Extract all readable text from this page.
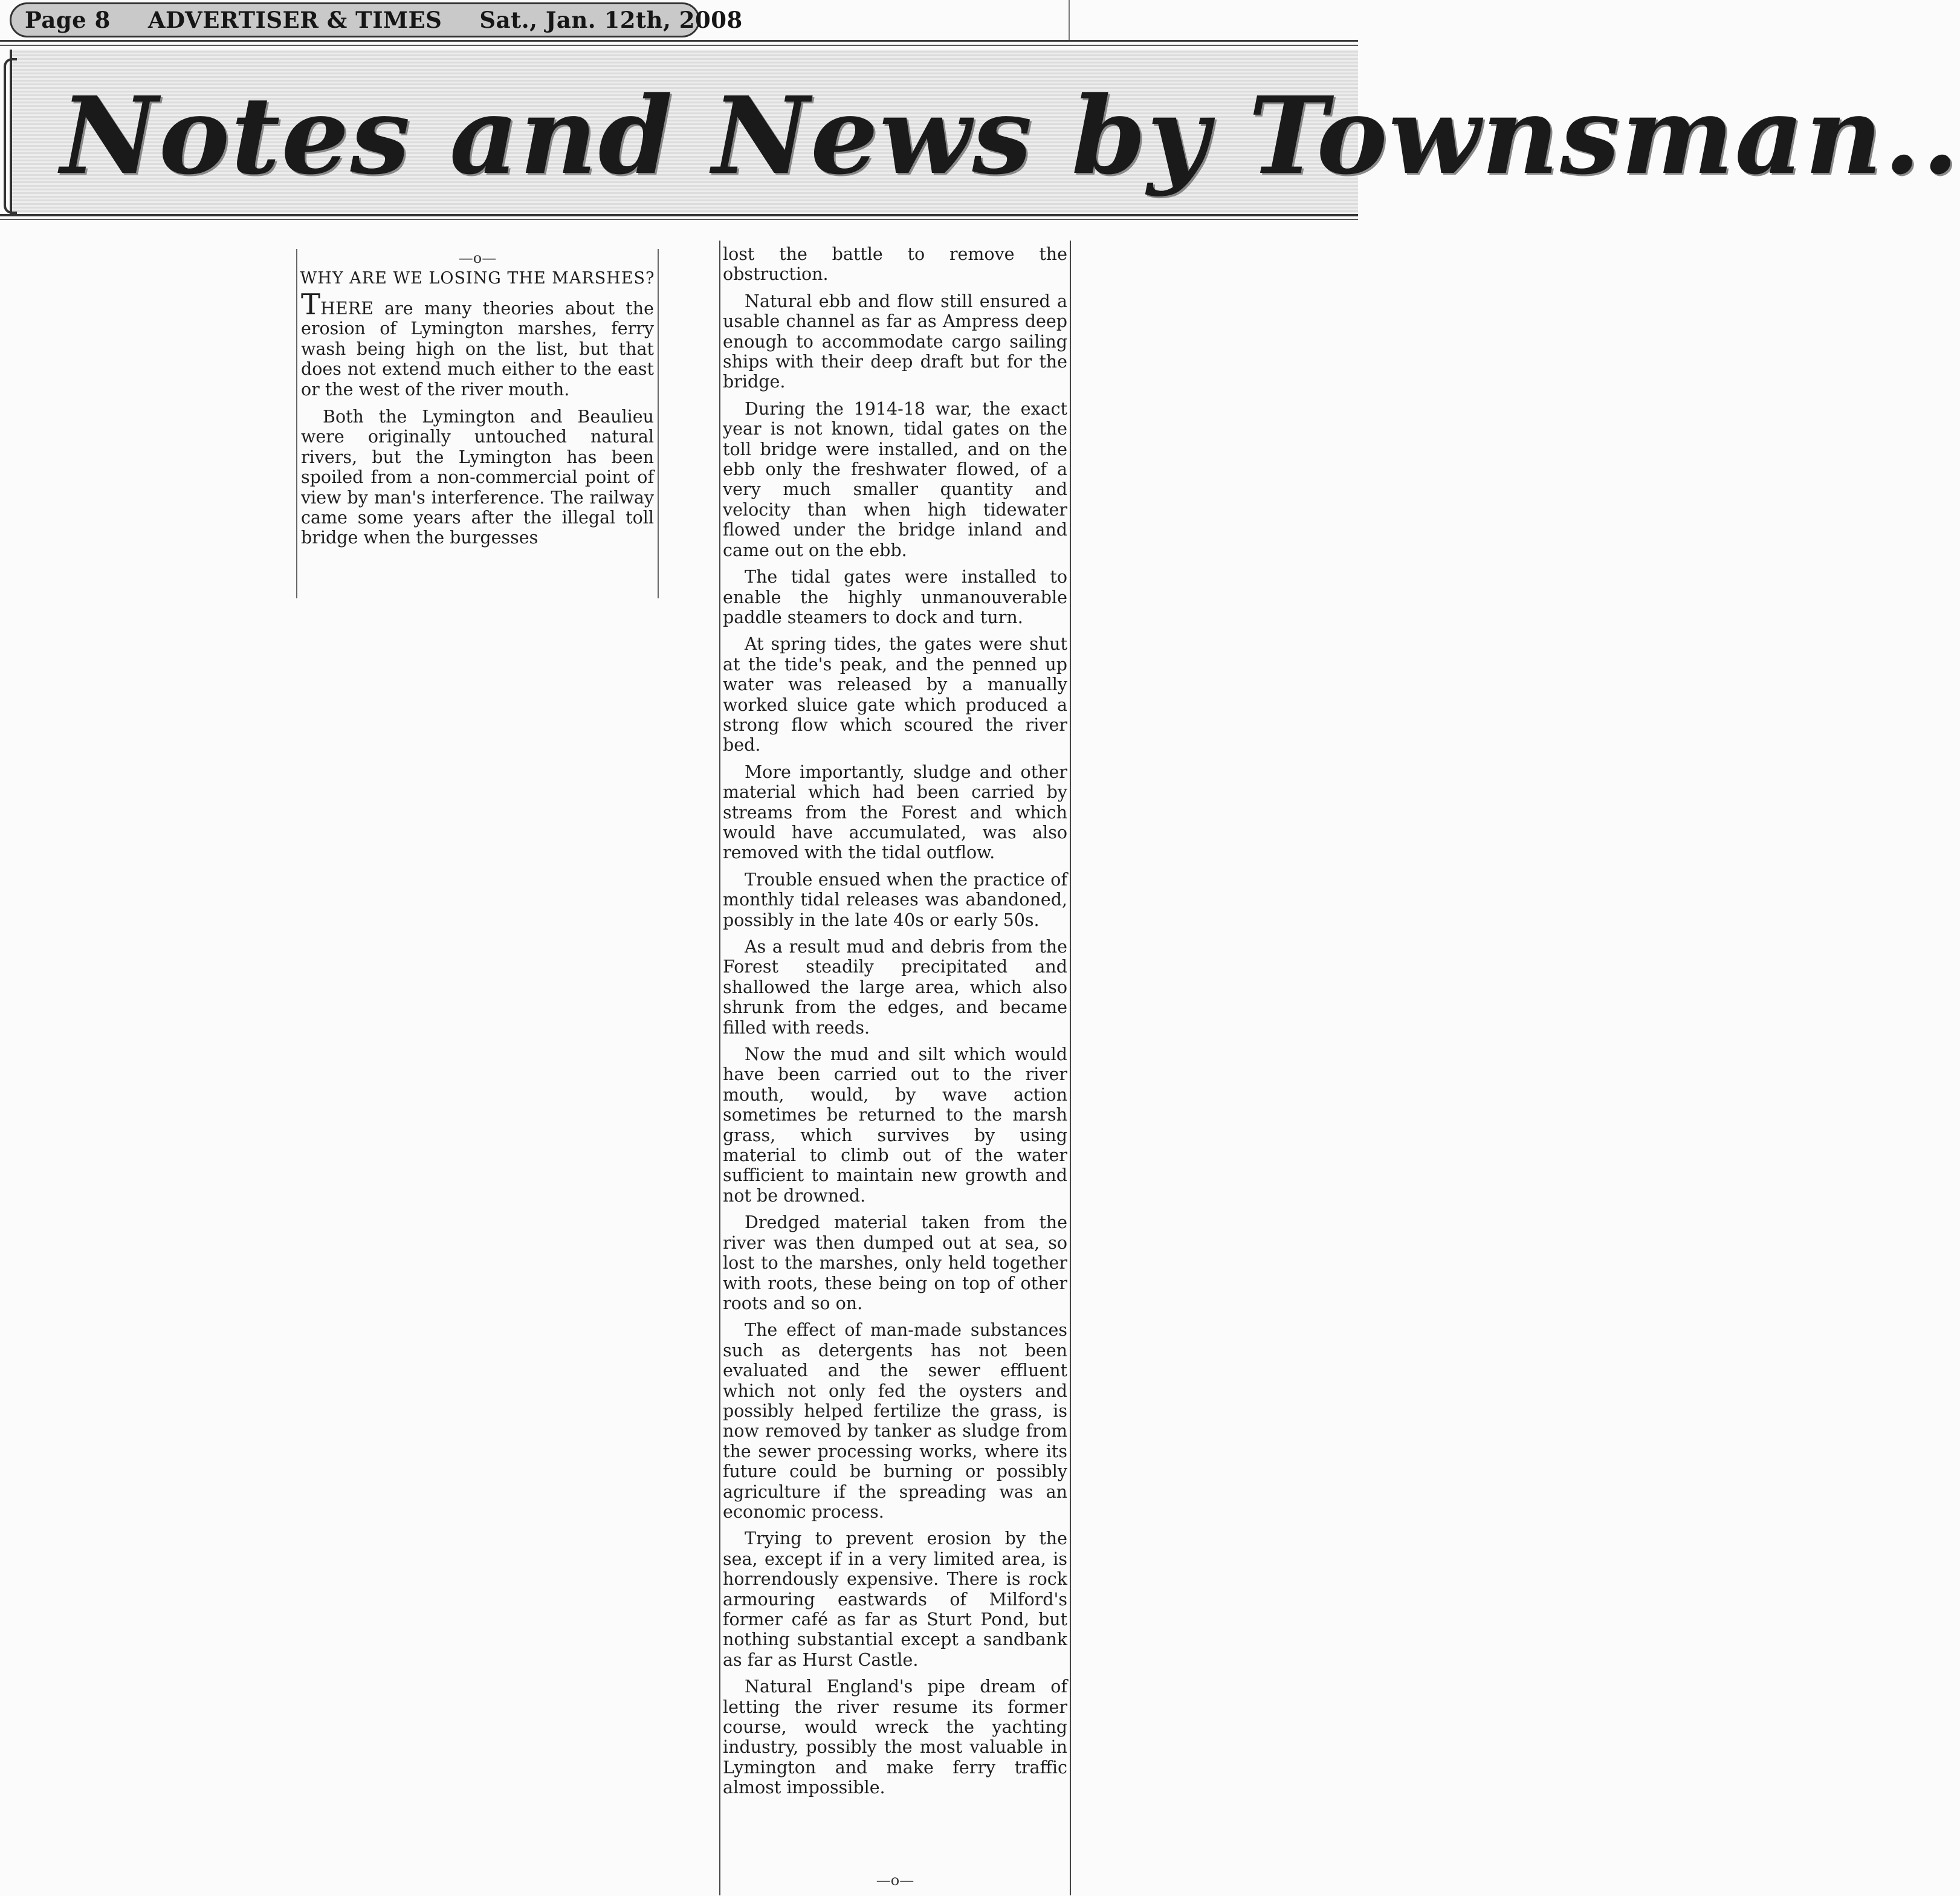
Page 8 ADVERTISER & TIMES Sat., Jan. 12th, 2008
Notes and News by Townsman..
—o—
WHY ARE WE LOSING THE MARSHES?

THERE are many theories about the erosion of Lymington marshes, ferry wash being high on the list, but that does not extend much either to the east or the west of the river mouth.

Both the Lymington and Beaulieu were originally untouched natural rivers, but the Lymington has been spoiled from a non-commercial point of view by man's interference. The railway came some years after the illegal toll bridge when the burgesses

lost the battle to remove the obstruction.

Natural ebb and flow still ensured a usable channel as far as Ampress deep enough to accommodate cargo sailing ships with their deep draft but for the bridge.

During the 1914-18 war, the exact year is not known, tidal gates on the toll bridge were installed, and on the ebb only the freshwater flowed, of a very much smaller quantity and velocity than when high tidewater flowed under the bridge inland and came out on the ebb.

The tidal gates were installed to enable the highly unmanouverable paddle steamers to dock and turn.

At spring tides, the gates were shut at the tide's peak, and the penned up water was released by a manually worked sluice gate which produced a strong flow which scoured the river bed.

More importantly, sludge and other material which had been carried by streams from the Forest and which would have accumulated, was also removed with the tidal outflow.

Trouble ensued when the practice of monthly tidal releases was abandoned, possibly in the late 40s or early 50s.

As a result mud and debris from the Forest steadily precipitated and shallowed the large area, which also shrunk from the edges, and became filled with reeds.

Now the mud and silt which would have been carried out to the river mouth, would, by wave action sometimes be returned to the marsh grass, which survives by using material to climb out of the water sufficient to maintain new growth and not be drowned.

Dredged material taken from the river was then dumped out at sea, so lost to the marshes, only held together with roots, these being on top of other roots and so on.

The effect of man-made substances such as detergents has not been evaluated and the sewer effluent which not only fed the oysters and possibly helped fertilize the grass, is now removed by tanker as sludge from the sewer processing works, where its future could be burning or possibly agriculture if the spreading was an economic process.

Trying to prevent erosion by the sea, except if in a very limited area, is horrendously expensive. There is rock armouring eastwards of Milford's former café as far as Sturt Pond, but nothing substantial except a sandbank as far as Hurst Castle.

Natural England's pipe dream of letting the river resume its former course, would wreck the yachting industry, possibly the most valuable in Lymington and make ferry traffic almost impossible.

—o—
